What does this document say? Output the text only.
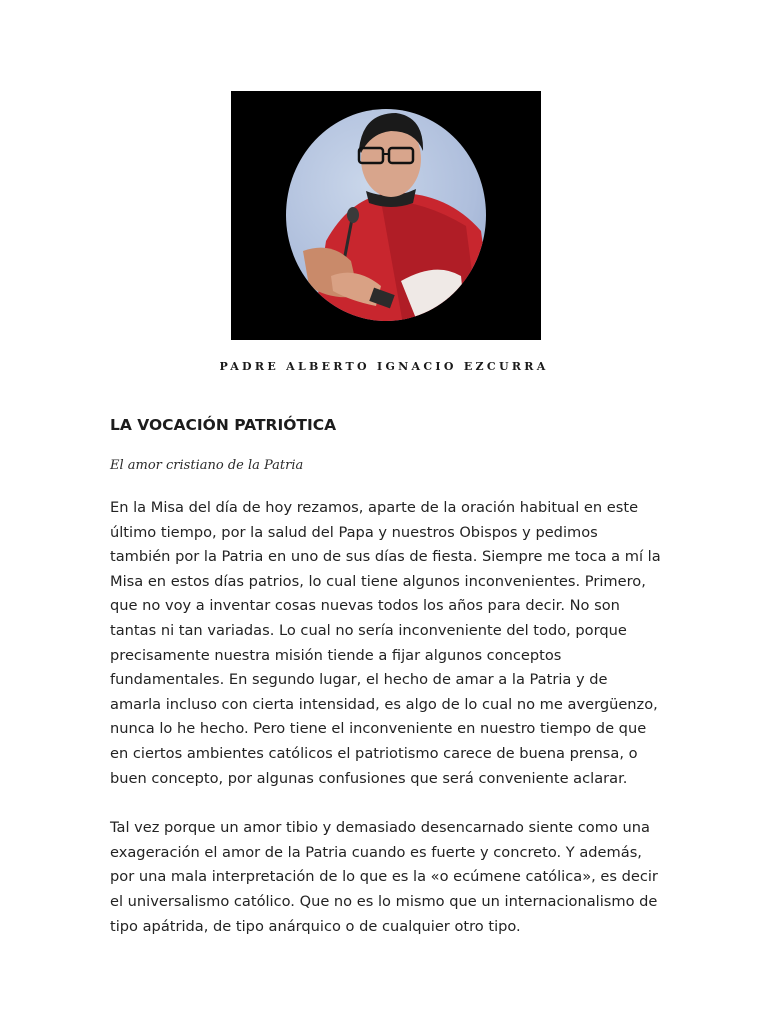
PADRE ALBERTO IGNACIO EZCURRA
LA VOCACIÓN PATRIÓTICA

El amor cristiano de la Patria

En la Misa del día de hoy rezamos, aparte de la oración habitual en este último tiempo, por la salud del Papa y nuestros Obispos y pedimos también por la Patria en uno de sus días de fiesta. Siempre me toca a mí la Misa en estos días patrios, lo cual tiene algunos inconvenientes. Primero, que no voy a inventar cosas nuevas todos los años para decir. No son tantas ni tan variadas. Lo cual no sería inconveniente del todo, porque precisamente nuestra misión tiende a fijar algunos conceptos fundamentales. En segundo lugar, el hecho de amar a la Patria y de amarla incluso con cierta intensidad, es algo de lo cual no me avergüenzo, nunca lo he hecho. Pero tiene el inconveniente en nuestro tiempo de que en ciertos ambientes católicos el patriotismo carece de buena prensa, o buen concepto, por algunas confusiones que será conveniente aclarar.

Tal vez porque un amor tibio y demasiado desencarnado siente como una exageración el amor de la Patria cuando es fuerte y concreto. Y además, por una mala interpretación de lo que es la «o ecúmene católica», es decir el universalismo católico. Que no es lo mismo que un internacionalismo de tipo apátrida, de tipo anárquico o de cualquier otro tipo.
